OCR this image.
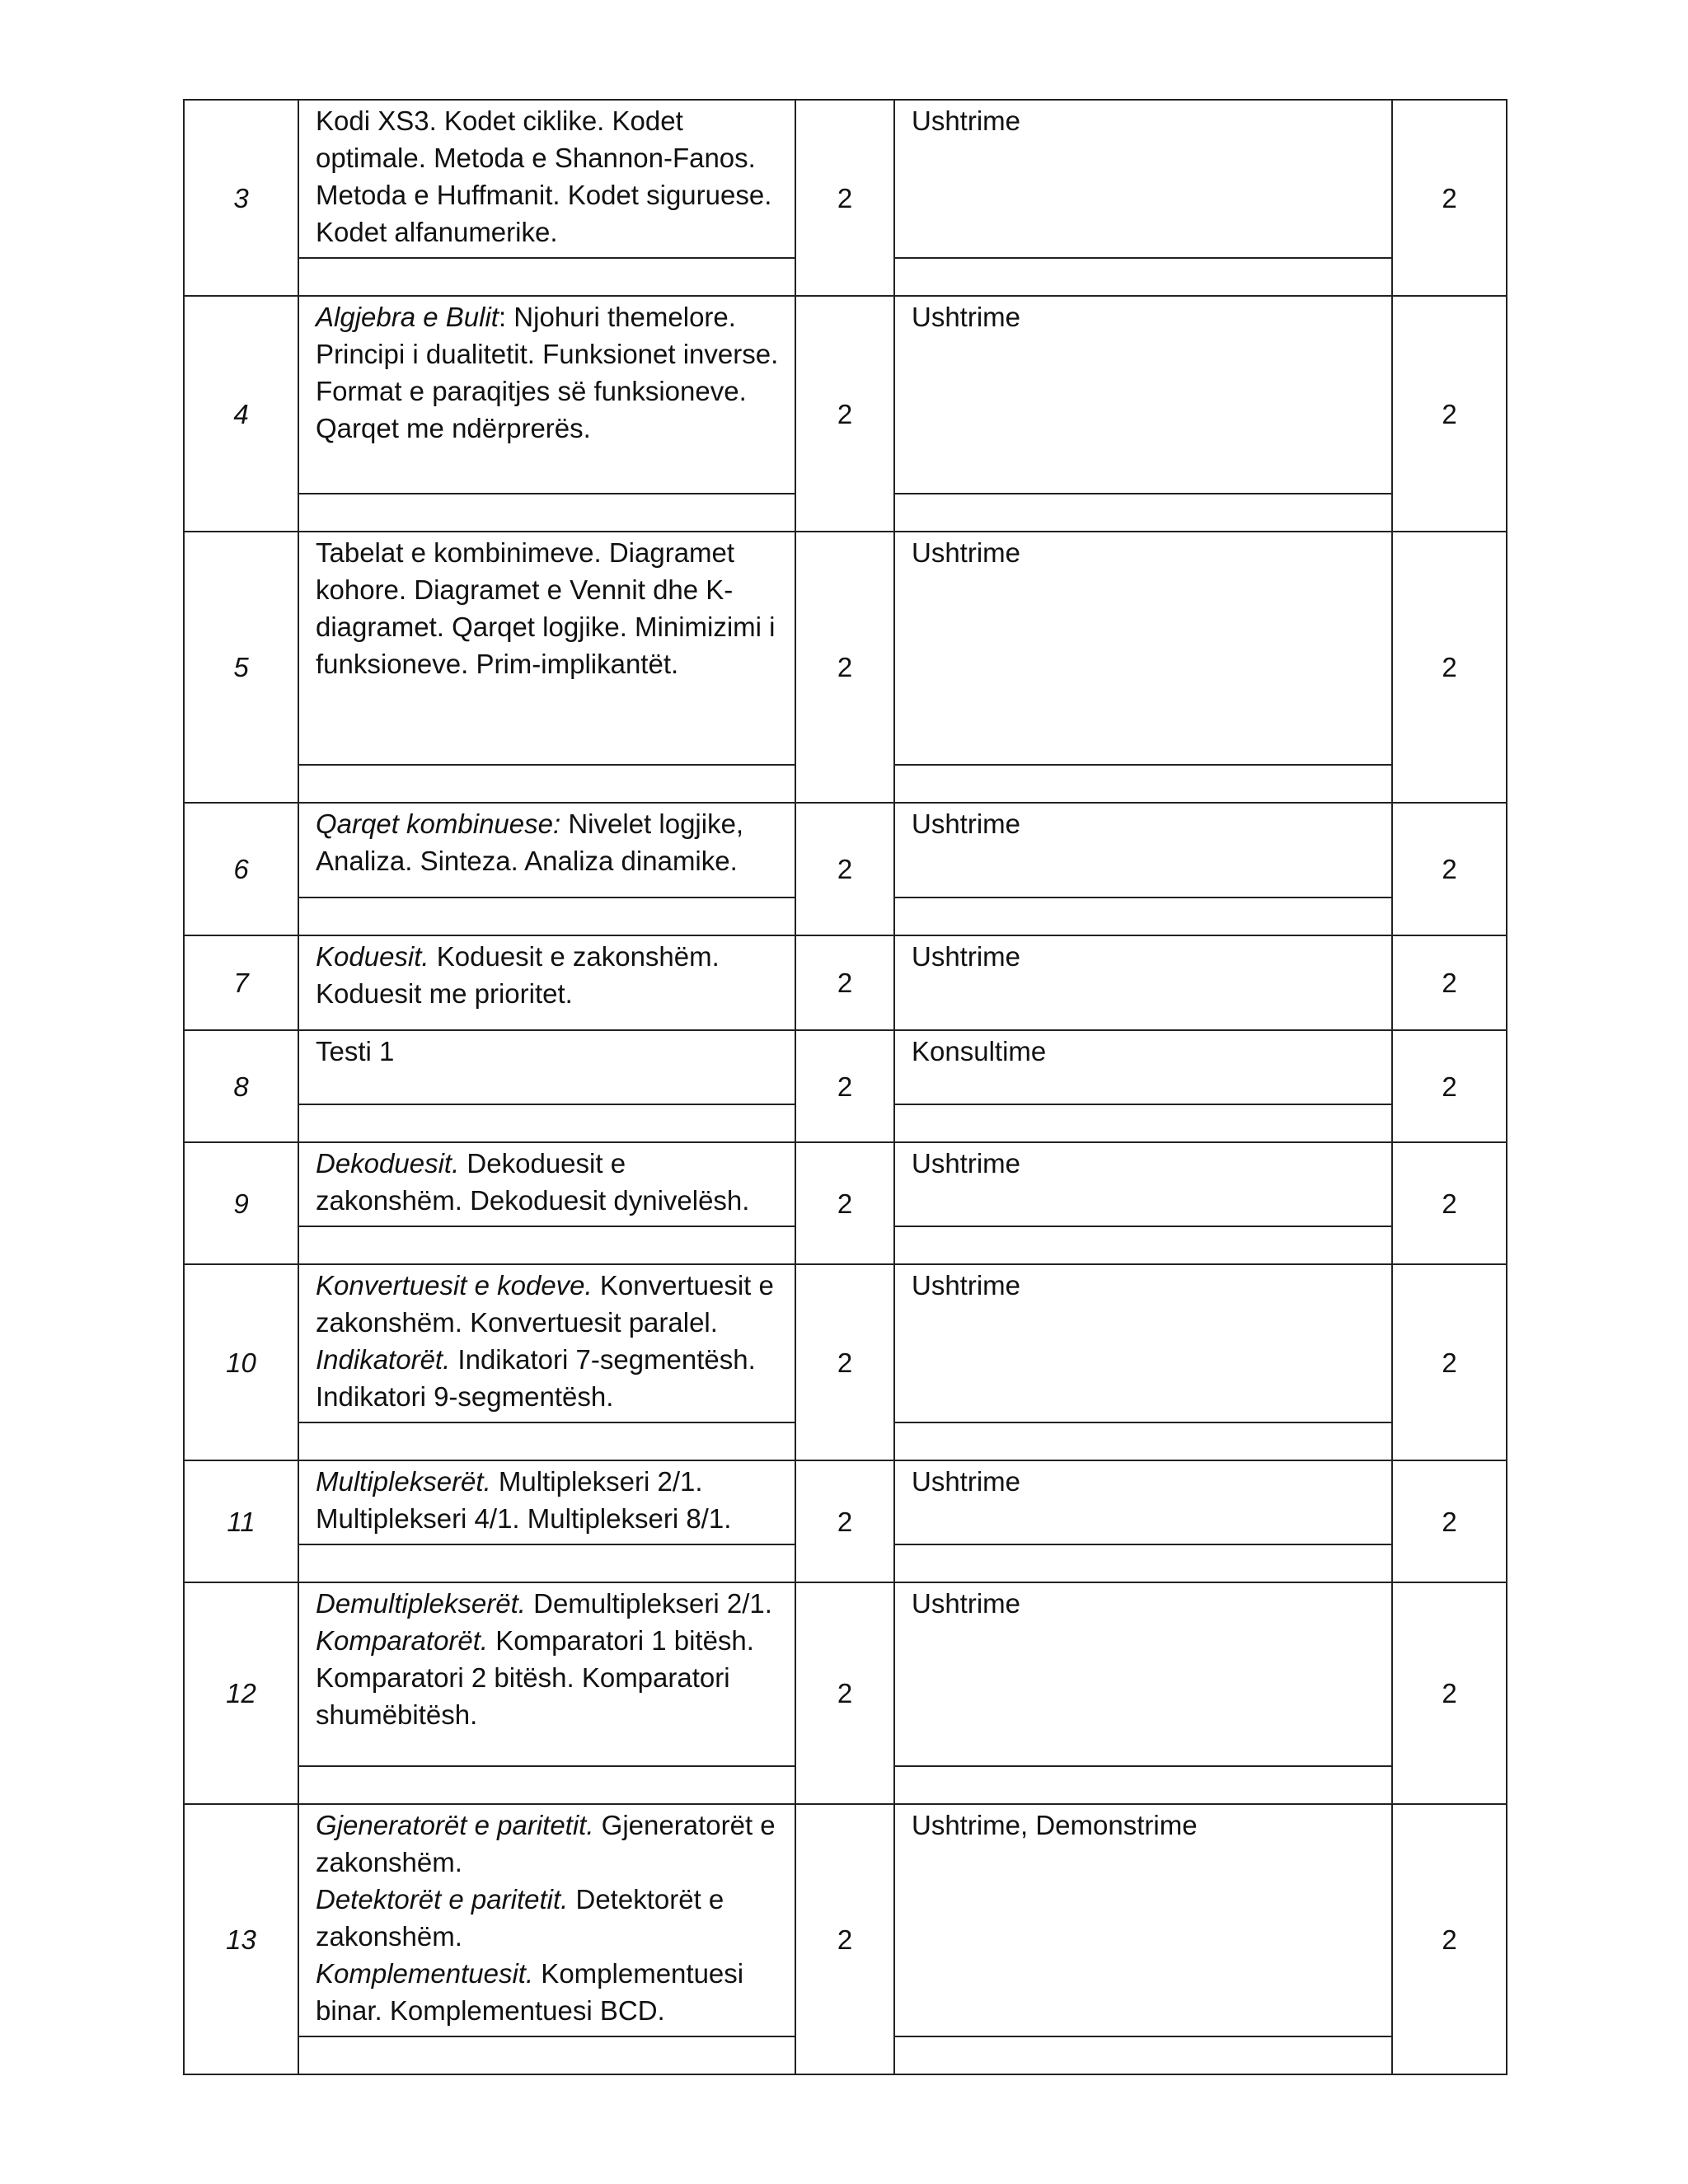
3	Kodi XS3. Kodet ciklike. Kodet optimale. Metoda e Shannon-Fanos. Metoda e Huffmanit. Kodet siguruese. Kodet alfanumerike.	2	Ushtrime	2

4	Algjebra e Bulit: Njohuri themelore. Principi i dualitetit. Funksionet inverse. Format e paraqitjes së funksioneve.  Qarqet me ndërprerës.	2	Ushtrime	2

5	Tabelat e kombinimeve. Diagramet kohore. Diagramet e Vennit dhe K-diagramet. Qarqet logjike. Minimizimi i funksioneve. Prim-implikantët.	2	Ushtrime	2

6	Qarqet kombinuese: Nivelet logjike, Analiza. Sinteza. Analiza dinamike.	2	Ushtrime	2

7	Koduesit. Koduesit e zakonshëm. Koduesit me prioritet.	2	Ushtrime	2
8	Testi 1	2	Konsultime	2

9	Dekoduesit. Dekoduesit e zakonshëm. Dekoduesit dynivelësh.	2	Ushtrime	2

10	Konvertuesit e kodeve. Konvertuesit e zakonshëm. Konvertuesit paralel.
Indikatorët. Indikatori 7-segmentësh. Indikatori 9-segmentësh.	2	Ushtrime	2

11	Multiplekserët. Multiplekseri 2/1. Multiplekseri 4/1. Multiplekseri 8/1.	2	Ushtrime	2

12	Demultiplekserët. Demultiplekseri 2/1.
Komparatorët. Komparatori 1 bitësh. Komparatori 2 bitësh. Komparatori shumëbitësh.	2	Ushtrime	2

13	Gjeneratorët e paritetit. Gjeneratorët e zakonshëm.
Detektorët e paritetit. Detektorët e zakonshëm.
Komplementuesit. Komplementuesi binar. Komplementuesi BCD.	2	Ushtrime, Demonstrime	2
